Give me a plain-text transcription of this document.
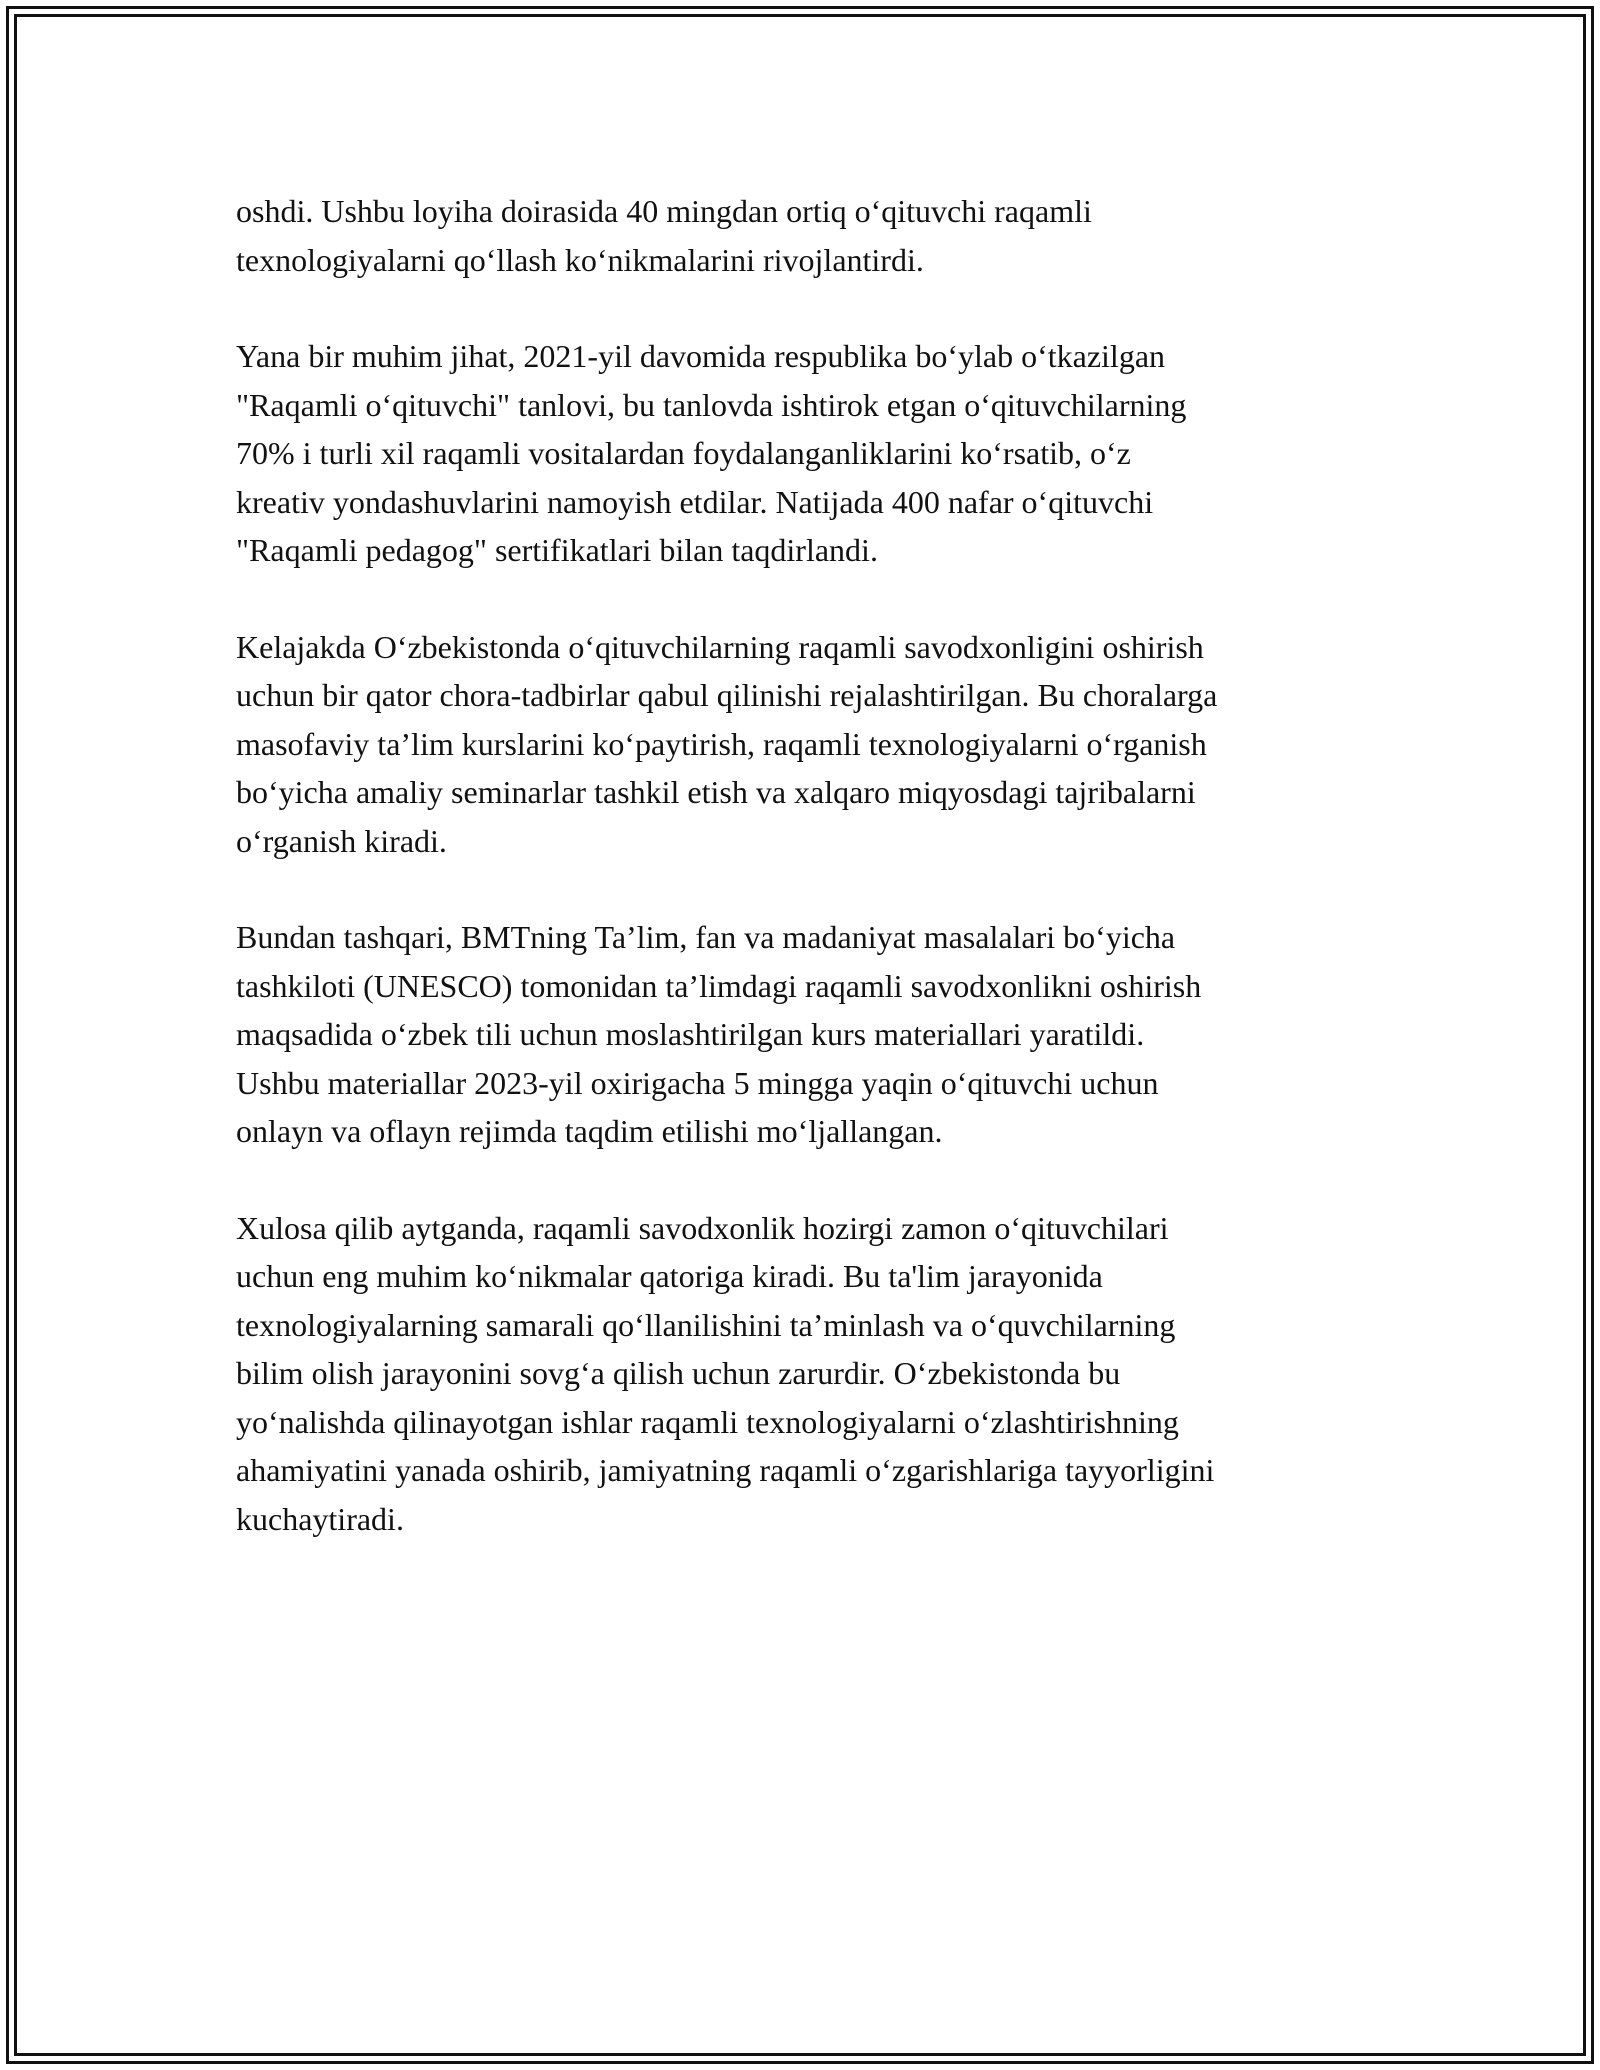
oshdi. Ushbu loyiha doirasida 40 mingdan ortiq o‘qituvchi raqamli
texnologiyalarni qo‘llash ko‘nikmalarini rivojlantirdi.

Yana bir muhim jihat, 2021-yil davomida respublika bo‘ylab o‘tkazilgan
"Raqamli o‘qituvchi" tanlovi, bu tanlovda ishtirok etgan o‘qituvchilarning
70% i turli xil raqamli vositalardan foydalanganliklarini ko‘rsatib, o‘z
kreativ yondashuvlarini namoyish etdilar. Natijada 400 nafar o‘qituvchi
"Raqamli pedagog" sertifikatlari bilan taqdirlandi.

Kelajakda O‘zbekistonda o‘qituvchilarning raqamli savodxonligini oshirish
uchun bir qator chora-tadbirlar qabul qilinishi rejalashtirilgan. Bu choralarga
masofaviy ta’lim kurslarini ko‘paytirish, raqamli texnologiyalarni o‘rganish
bo‘yicha amaliy seminarlar tashkil etish va xalqaro miqyosdagi tajribalarni
o‘rganish kiradi.

Bundan tashqari, BMTning Ta’lim, fan va madaniyat masalalari bo‘yicha
tashkiloti (UNESCO) tomonidan ta’limdagi raqamli savodxonlikni oshirish
maqsadida o‘zbek tili uchun moslashtirilgan kurs materiallari yaratildi.
Ushbu materiallar 2023-yil oxirigacha 5 mingga yaqin o‘qituvchi uchun
onlayn va oflayn rejimda taqdim etilishi mo‘ljallangan.

Xulosa qilib aytganda, raqamli savodxonlik hozirgi zamon o‘qituvchilari
uchun eng muhim ko‘nikmalar qatoriga kiradi. Bu ta'lim jarayonida
texnologiyalarning samarali qo‘llanilishini ta’minlash va o‘quvchilarning
bilim olish jarayonini sovg‘a qilish uchun zarurdir. O‘zbekistonda bu
yo‘nalishda qilinayotgan ishlar raqamli texnologiyalarni o‘zlashtirishning
ahamiyatini yanada oshirib, jamiyatning raqamli o‘zgarishlariga tayyorligini
kuchaytiradi.
